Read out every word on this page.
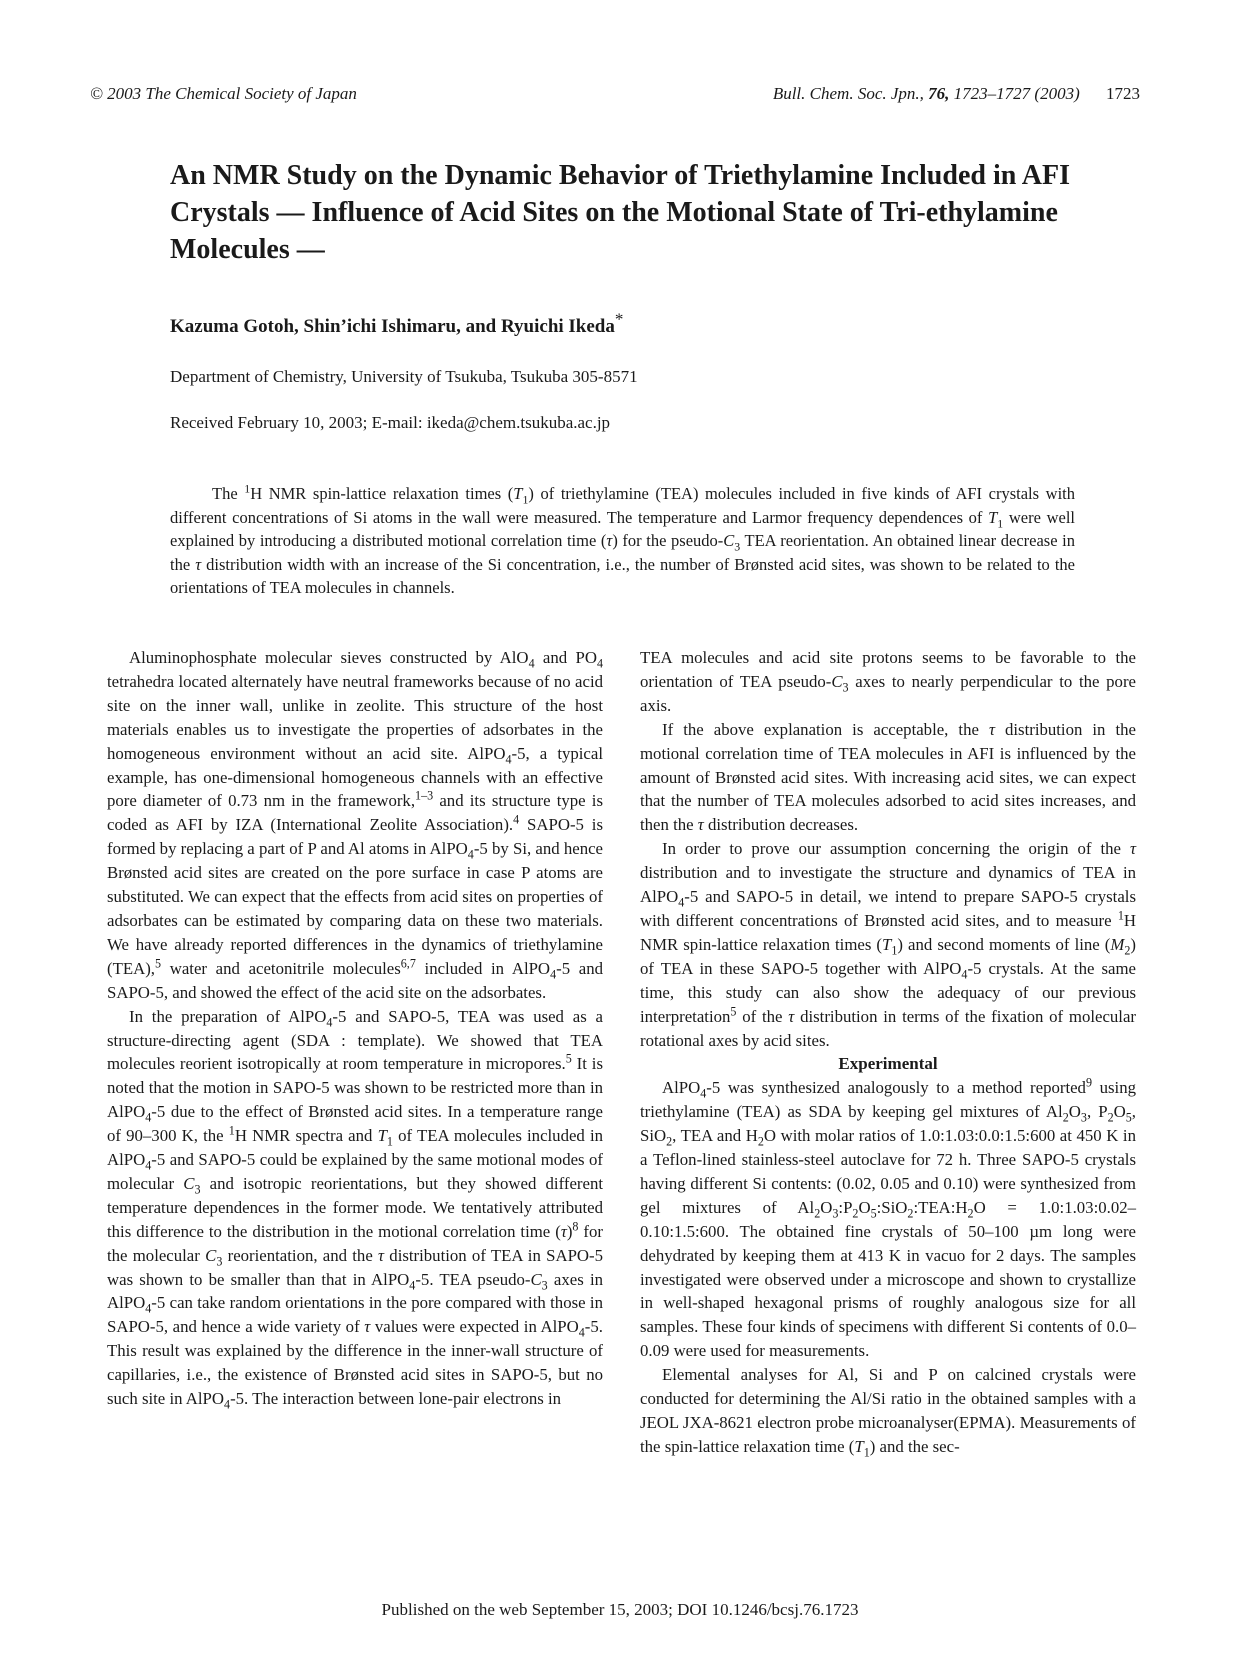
© 2003 The Chemical Society of Japan	Bull. Chem. Soc. Jpn., 76, 1723–1727 (2003) 1723
An NMR Study on the Dynamic Behavior of Triethylamine Included in AFI Crystals — Influence of Acid Sites on the Motional State of Tri-ethylamine Molecules —
Kazuma Gotoh, Shin’ichi Ishimaru, and Ryuichi Ikeda*
Department of Chemistry, University of Tsukuba, Tsukuba 305-8571
Received February 10, 2003; E-mail: ikeda@chem.tsukuba.ac.jp
The $^1$H NMR spin-lattice relaxation times $(T_1)$ of triethylamine (TEA) molecules included in five kinds of AFI crystals with different concentrations of Si atoms in the wall were measured. The temperature and Larmor frequency dependences of $T_1$ were well explained by introducing a distributed motional correlation time (τ) for the pseudo-$C_3$ TEA reorientation. An obtained linear decrease in the τ distribution width with an increase of the Si concentration, i.e., the number of Brønsted acid sites, was shown to be related to the orientations of TEA molecules in channels.

Aluminophosphate molecular sieves constructed by AlO$_4$ and $PO_4$ tetrahedra located alternately have neutral frameworks because of no acid site on the inner wall, unlike in zeolite. This structure of the host materials enables us to investigate the properties of adsorbates in the homogeneous environment without an acid site. AlPO$_4$-5, a typical example, has one-dimensional homogeneous channels with an effective pore diameter of 0.73 nm in the framework,$^{1-3}$ and its structure type is coded as AFI by IZA (International Zeolite Association).$^4$ SAPO-5 is formed by replacing a part of P and Al atoms in AlPO$_4$-5 by Si, and hence Brønsted acid sites are created on the pore surface in case P atoms are substituted. We can expect that the effects from acid sites on properties of adsorbates can be estimated by comparing data on these two materials. We have already reported differences in the dynamics of triethylamine (TEA),$^5$ water and acetonitrile molecules$^{6,7}$ included in AlPO$_4$-5 and SAPO-5, and showed the effect of the acid site on the adsorbates.

In the preparation of AlPO$_4$-5 and SAPO-5, TEA was used as a structure-directing agent (SDA : template). We showed that TEA molecules reorient isotropically at room temperature in micropores.$^5$ It is noted that the motion in SAPO-5 was shown to be restricted more than in AlPO$_4$-5 due to the effect of Brønsted acid sites. In a temperature range of 90–300 K, the $^1$H NMR spectra and $T_1$ of TEA molecules included in AlPO$_4$-5 and SAPO-5 could be explained by the same motional modes of molecular $C_3$ and isotropic reorientations, but they showed different temperature dependences in the former mode. We tentatively attributed this difference to the distribution in the motional correlation time $(\tau)^8$ for the molecular $C_3$ reorientation, and the τ distribution of TEA in SAPO-5 was shown to be smaller than that in AlPO$_4$-5. TEA pseudo-$C_3$ axes in AlPO$_4$-5 can take random orientations in the pore compared with those in SAPO-5, and hence a wide variety of τ values were expected in AlPO$_4$-5. This result was explained by the difference in the inner-wall structure of capillaries, i.e., the existence of Brønsted acid sites in SAPO-5, but no such site in AlPO$_4$-5. The interaction between lone-pair electrons in

TEA molecules and acid site protons seems to be favorable to the orientation of TEA pseudo-$C_3$ axes to nearly perpendicular to the pore axis.

If the above explanation is acceptable, the τ distribution in the motional correlation time of TEA molecules in AFI is influenced by the amount of Brønsted acid sites. With increasing acid sites, we can expect that the number of TEA molecules adsorbed to acid sites increases, and then the τ distribution decreases.

In order to prove our assumption concerning the origin of the τ distribution and to investigate the structure and dynamics of TEA in AlPO$_4$-5 and SAPO-5 in detail, we intend to prepare SAPO-5 crystals with different concentrations of Brønsted acid sites, and to measure $^1$H NMR spin-lattice relaxation times $(T_1)$ and second moments of line $(M_2)$ of TEA in these SAPO-5 together with AlPO$_4$-5 crystals. At the same time, this study can also show the adequacy of our previous interpretation$^5$ of the τ distribution in terms of the fixation of molecular rotational axes by acid sites.

Experimental

AlPO$_4$-5 was synthesized analogously to a method reported$^9$ using triethylamine (TEA) as SDA by keeping gel mixtures of $Al_2O_3$, $P_2O_5$, SiO$_2$, TEA and $H_2O$ with molar ratios of 1.0:1.03:0.0:1.5:600 at 450 K in a Teflon-lined stainless-steel autoclave for 72 h. Three SAPO-5 crystals having different Si contents: (0.02, 0.05 and 0.10) were synthesized from gel mixtures of $Al_2O_3:P_2O_5:SiO_2:TEA:H_2O$ = 1.0:1.03:0.02–0.10:1.5:600. The obtained fine crystals of 50–100 µm long were dehydrated by keeping them at 413 K in vacuo for 2 days. The samples investigated were observed under a microscope and shown to crystallize in well-shaped hexagonal prisms of roughly analogous size for all samples. These four kinds of specimens with different Si contents of 0.0–0.09 were used for measurements.

Elemental analyses for Al, Si and P on calcined crystals were conducted for determining the Al/Si ratio in the obtained samples with a JEOL JXA-8621 electron probe microanalyser(EPMA). Measurements of the spin-lattice relaxation time $(T_1)$ and the sec-

Published on the web September 15, 2003; DOI 10.1246/bcsj.76.1723
